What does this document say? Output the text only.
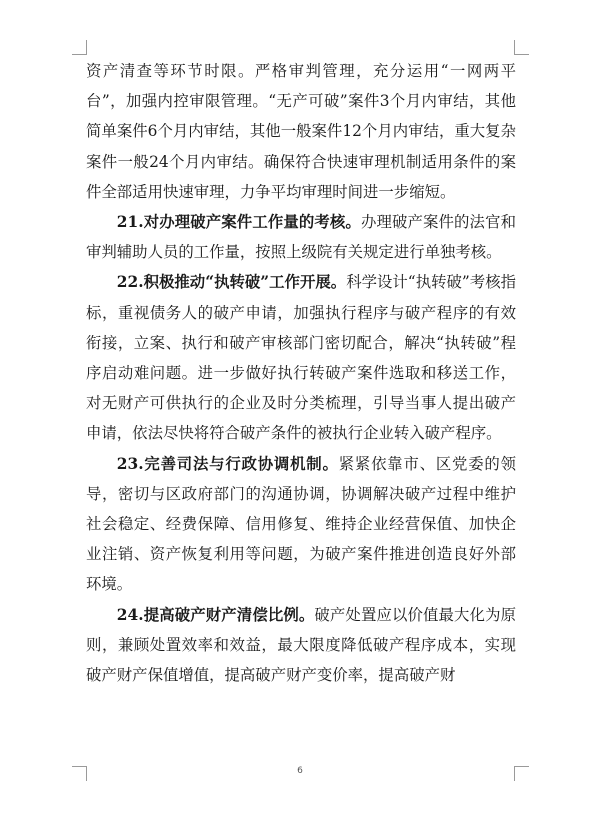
资产清查等环节时限。严格审判管理，充分运用“一网两平台”，加强内控审限管理。“无产可破”案件3个月内审结，其他简单案件6个月内审结，其他一般案件12个月内审结，重大复杂案件一般24个月内审结。确保符合快速审理机制适用条件的案件全部适用快速审理，力争平均审理时间进一步缩短。

21.对办理破产案件工作量的考核。办理破产案件的法官和审判辅助人员的工作量，按照上级院有关规定进行单独考核。

22.积极推动“执转破”工作开展。科学设计“执转破”考核指标，重视债务人的破产申请，加强执行程序与破产程序的有效衔接，立案、执行和破产审核部门密切配合，解决“执转破”程序启动难问题。进一步做好执行转破产案件选取和移送工作，对无财产可供执行的企业及时分类梳理，引导当事人提出破产申请，依法尽快将符合破产条件的被执行企业转入破产程序。

23.完善司法与行政协调机制。紧紧依靠市、区党委的领导，密切与区政府部门的沟通协调，协调解决破产过程中维护社会稳定、经费保障、信用修复、维持企业经营保值、加快企业注销、资产恢复利用等问题，为破产案件推进创造良好外部环境。

24.提高破产财产清偿比例。破产处置应以价值最大化为原则，兼顾处置效率和效益，最大限度降低破产程序成本，实现破产财产保值增值，提高破产财产变价率，提高破产财

6
